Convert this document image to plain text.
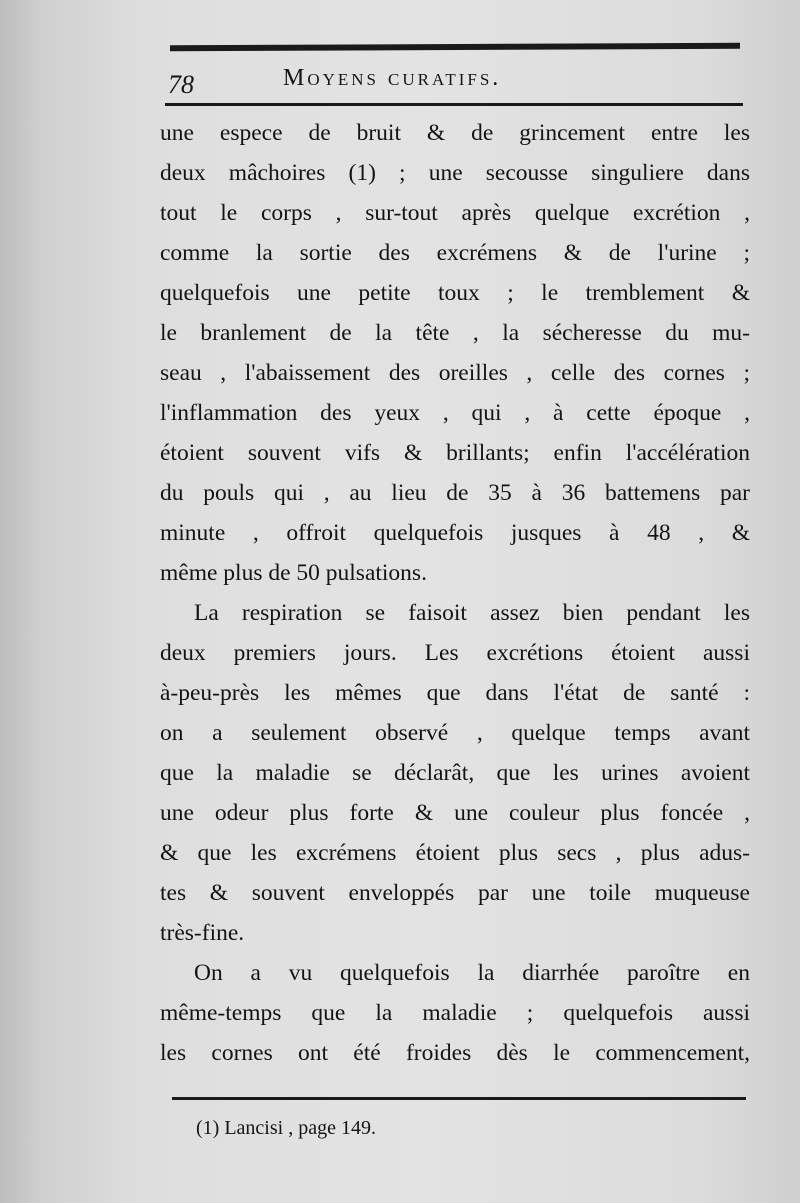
78	Moyens curatifs.
une espece de bruit & de grincement entre les
deux mâchoires (1) ; une secousse singuliere dans
tout le corps , sur-tout après quelque excrétion ,
comme la sortie des excrémens & de l'urine ;
quelquefois une petite toux ; le tremblement &
le branlement de la tête , la sécheresse du mu-
seau , l'abaissement des oreilles , celle des cornes ;
l'inflammation des yeux , qui , à cette époque ,
étoient souvent vifs & brillants; enfin l'accélération
du pouls qui , au lieu de 35 à 36 battemens par
minute , offroit quelquefois jusques à 48 , &
même plus de 50 pulsations.
La respiration se faisoit assez bien pendant les
deux premiers jours. Les excrétions étoient aussi
à-peu-près les mêmes que dans l'état de santé :
on a seulement observé , quelque temps avant
que la maladie se déclarât, que les urines avoient
une odeur plus forte & une couleur plus foncée ,
& que les excrémens étoient plus secs , plus adus-
tes & souvent enveloppés par une toile muqueuse
très-fine.
On a vu quelquefois la diarrhée paroître en
même-temps que la maladie ; quelquefois aussi
les cornes ont été froides dès le commencement,
(1) Lancisi , page 149.
